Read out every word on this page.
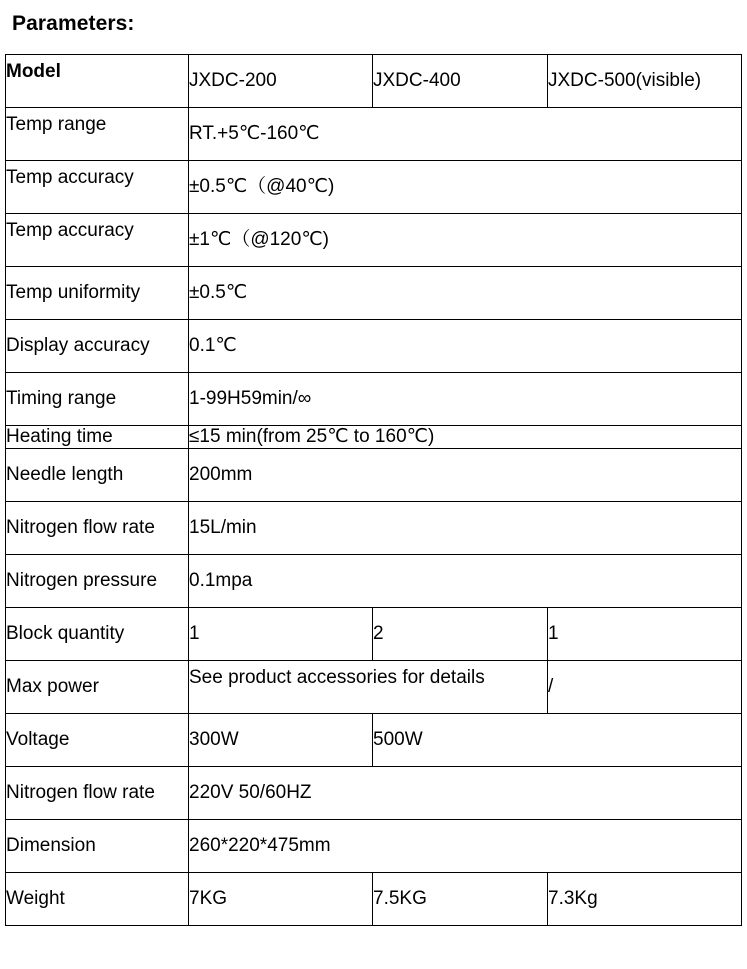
Parameters:
Model	JXDC-200	JXDC-400	JXDC-500(visible)
Temp range	RT.+5℃-160℃		
Temp accuracy	±0.5℃（@40℃)		
Temp accuracy	±1℃（@120℃)		
Temp uniformity	±0.5℃		
Display accuracy	0.1℃		
Timing range	1-99H59min/∞		
Heating time	≤15 min(from 25℃ to 160℃)		
Needle length	200mm		
Nitrogen flow rate	15L/min		
Nitrogen pressure	0.1mpa		
Block quantity	1	2	1
Max power	See product accessories for details		/
Voltage	300W	500W	
Nitrogen flow rate	220V 50/60HZ		
Dimension	260*220*475mm		
Weight	7KG	7.5KG	7.3Kg
